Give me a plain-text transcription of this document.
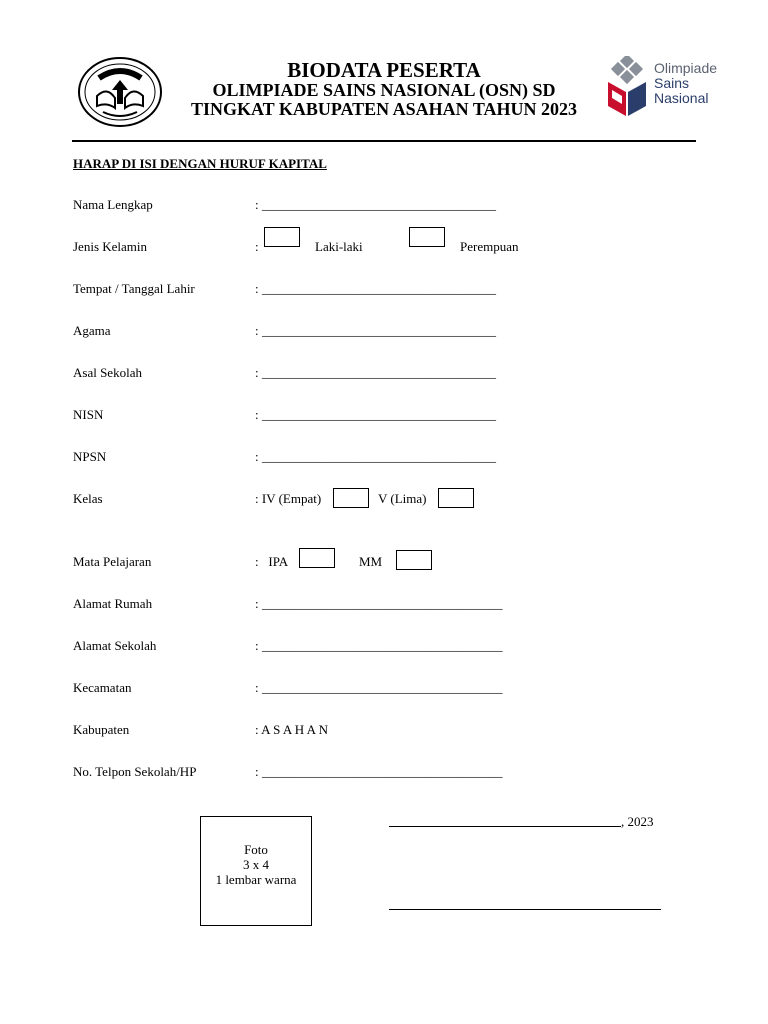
BIODATA PESERTA
OLIMPIADE SAINS NASIONAL (OSN) SD
TINGKAT KABUPATEN ASAHAN TAHUN 2023
Olimpiade
Sains
Nasional
HARAP DI ISI DENGAN HURUF KAPITAL
Nama Lengkap	: ____________________________________
Jenis Kelamin	:	Laki-laki	Perempuan
Tempat / Tanggal Lahir	: ____________________________________
Agama	: ____________________________________
Asal Sekolah	: ____________________________________
NISN	: ____________________________________
NPSN	: ____________________________________
Kelas	: IV (Empat)	V (Lima)
Mata Pelajaran	:   IPA	MM
Alamat Rumah	: _____________________________________
Alamat Sekolah	: _____________________________________
Kecamatan	: _____________________________________
Kabupaten	: A S A H A N
No. Telpon Sekolah/HP	: _____________________________________
Foto
3 x 4
1 lembar warna
, 2023
